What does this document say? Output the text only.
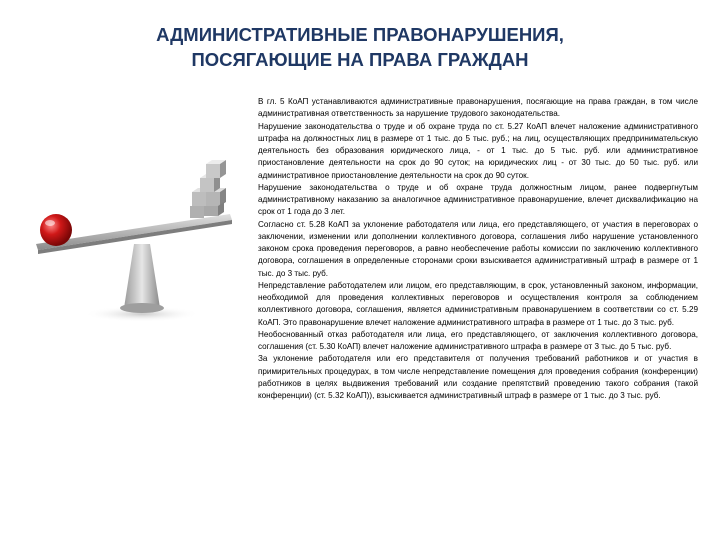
АДМИНИСТРАТИВНЫЕ ПРАВОНАРУШЕНИЯ,
ПОСЯГАЮЩИЕ НА ПРАВА ГРАЖДАН

В гл. 5 КоАП устанавливаются административные правонарушения, посягающие на права граждан, в том числе административная ответственность за нарушение трудового законодательства.

Нарушение законодательства о труде и об охране труда по ст. 5.27 КоАП влечет наложение административного штрафа на должностных лиц в размере от 1 тыс. до 5 тыс. руб.; на лиц, осуществляющих предпринимательскую деятельность без образования юридического лица, - от 1 тыс. до 5 тыс. руб. или административное приостановление деятельности на срок до 90 суток; на юридических лиц - от 30 тыс. до 50 тыс. руб. или административное приостановление деятельности на срок до 90 суток.

Нарушение законодательства о труде и об охране труда должностным лицом, ранее подвергнутым административному наказанию за аналогичное административное правонарушение, влечет дисквалификацию на срок от 1 года до 3 лет.

Согласно ст. 5.28 КоАП за уклонение работодателя или лица, его представляющего, от участия в переговорах о заключении, изменении или дополнении коллективного договора, соглашения либо нарушение установленного законом срока проведения переговоров, а равно необеспечение работы комиссии по заключению коллективного договора, соглашения в определенные сторонами сроки взыскивается административный штраф в размере от 1 тыс. до 3 тыс. руб.

Непредставление работодателем или лицом, его представляющим, в срок, установленный законом, информации, необходимой для проведения коллективных переговоров и осуществления контроля за соблюдением коллективного договора, соглашения, является административным правонарушением в соответствии со ст. 5.29 КоАП. Это правонарушение влечет наложение административного штрафа в размере от 1 тыс. до 3 тыс. руб.

Необоснованный отказ работодателя или лица, его представляющего, от заключения коллективного договора, соглашения (ст. 5.30 КоАП) влечет наложение административного штрафа в размере от 3 тыс. до 5 тыс. руб.

За уклонение работодателя или его представителя от получения требований работников и от участия в примирительных процедурах, в том числе непредставление помещения для проведения собрания (конференции) работников в целях выдвижения требований или создание препятствий проведению такого собрания (такой конференции) (ст. 5.32 КоАП)), взыскивается административный штраф в размере от 1 тыс. до 3 тыс. руб.
